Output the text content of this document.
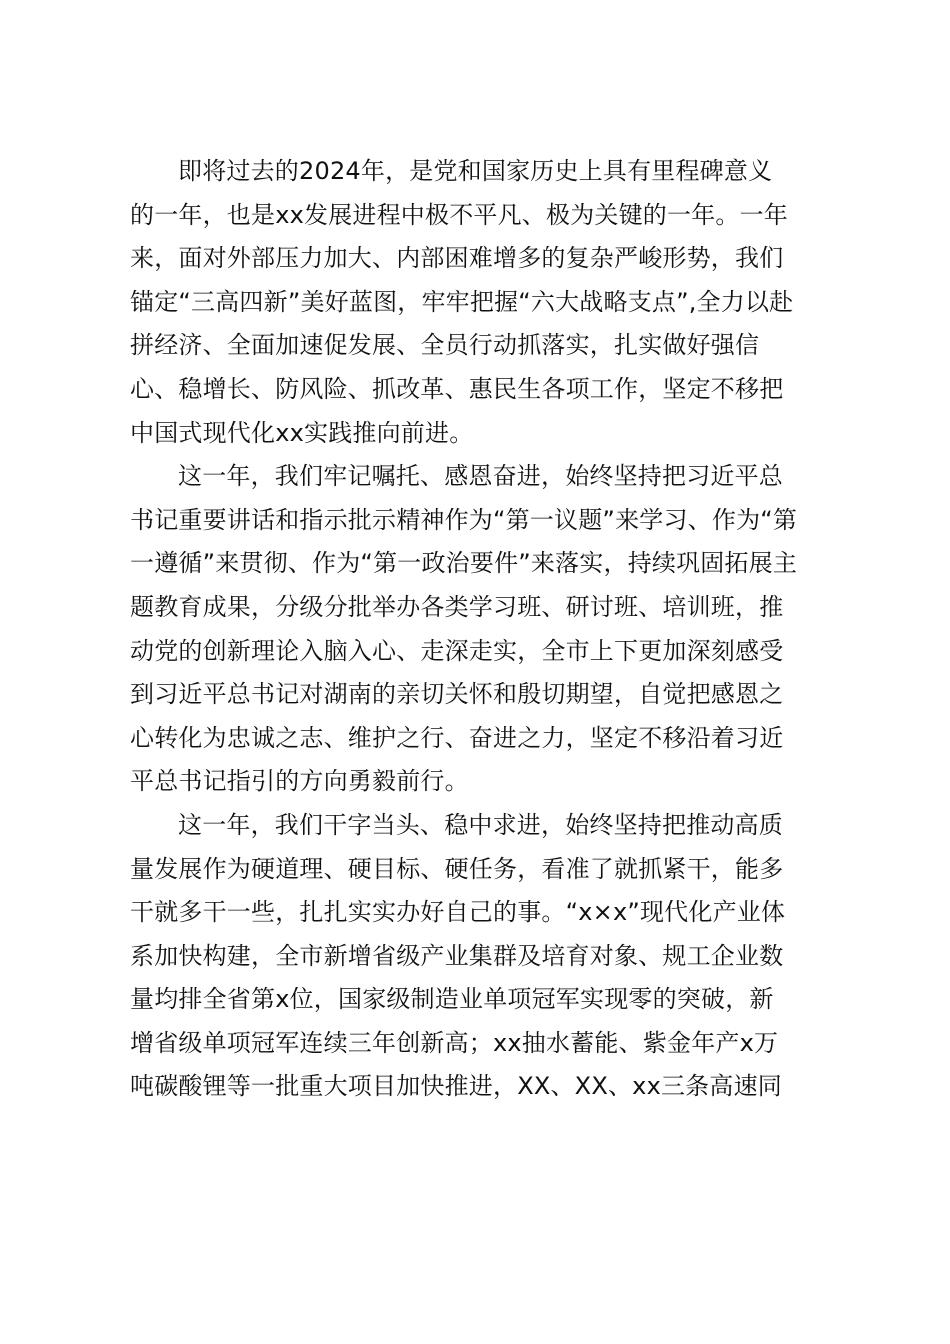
即将过去的2024年，是党和国家历史上具有里程碑意义
的一年，也是xx发展进程中极不平凡、极为关键的一年。一年
来，面对外部压力加大、内部困难增多的复杂严峻形势，我们
锚定“三高四新”美好蓝图，牢牢把握“六大战略支点”,全力以赴
拼经济、全面加速促发展、全员行动抓落实，扎实做好强信
心、稳增长、防风险、抓改革、惠民生各项工作，坚定不移把
中国式现代化xx实践推向前进。
这一年，我们牢记嘱托、感恩奋进，始终坚持把习近平总
书记重要讲话和指示批示精神作为“第一议题”来学习、作为“第
一遵循”来贯彻、作为“第一政治要件”来落实，持续巩固拓展主
题教育成果，分级分批举办各类学习班、研讨班、培训班，推
动党的创新理论入脑入心、走深走实，全市上下更加深刻感受
到习近平总书记对湖南的亲切关怀和殷切期望，自觉把感恩之
心转化为忠诚之志、维护之行、奋进之力，坚定不移沿着习近
平总书记指引的方向勇毅前行。
这一年，我们干字当头、稳中求进，始终坚持把推动高质
量发展作为硬道理、硬目标、硬任务，看准了就抓紧干，能多
干就多干一些，扎扎实实办好自己的事。“x×x”现代化产业体
系加快构建，全市新增省级产业集群及培育对象、规工企业数
量均排全省第x位，国家级制造业单项冠军实现零的突破，新
增省级单项冠军连续三年创新高；xx抽水蓄能、紫金年产x万
吨碳酸锂等一批重大项目加快推进，XX、XX、xx三条高速同
